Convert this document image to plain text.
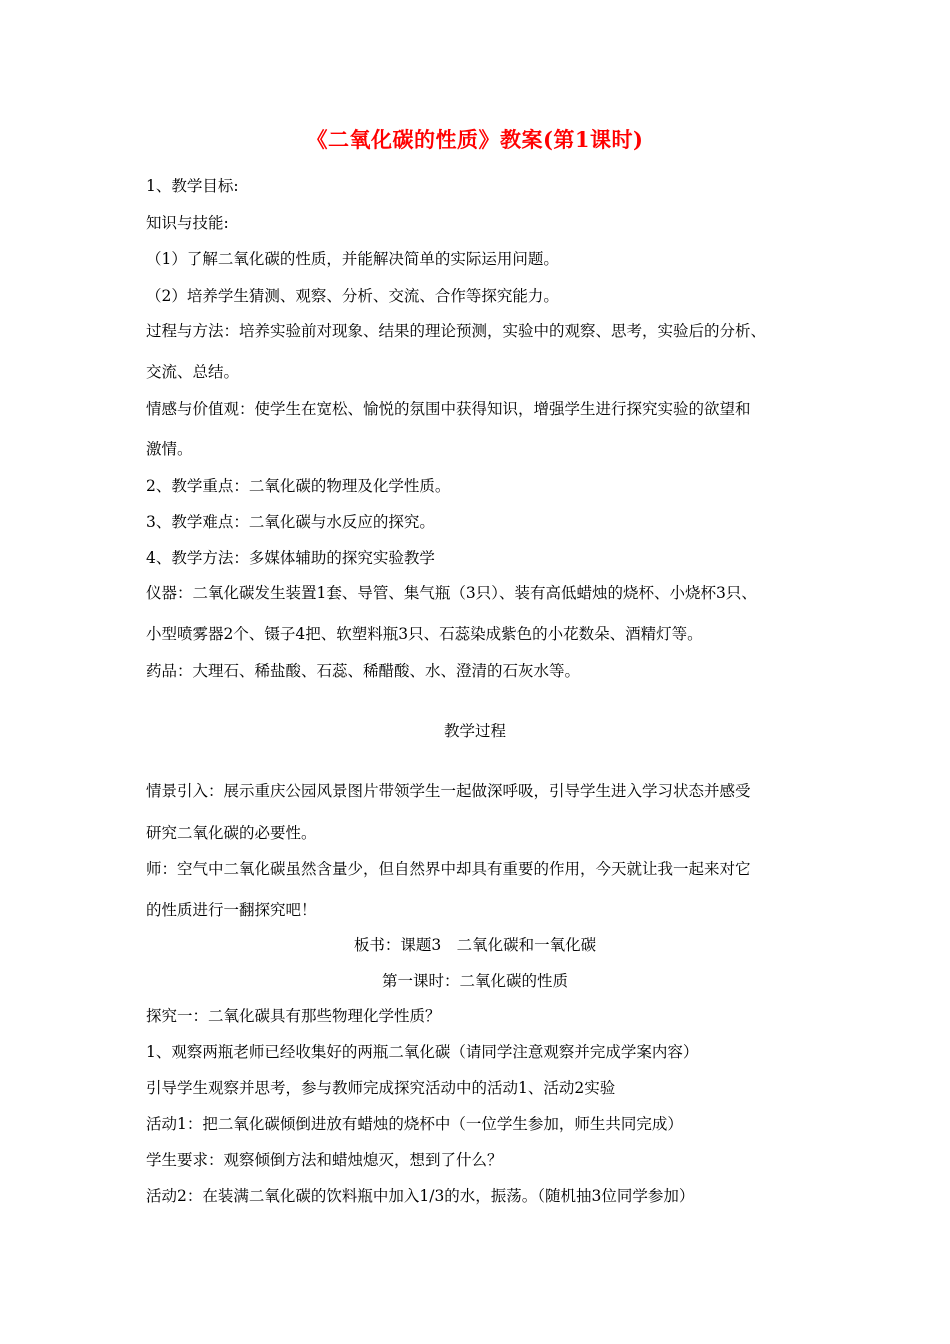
《二氧化碳的性质》教案(第1课时)
1、教学目标:
知识与技能:
（1）了解二氧化碳的性质，并能解决简单的实际运用问题。
（2）培养学生猜测、观察、分析、交流、合作等探究能力。
过程与方法：培养实验前对现象、结果的理论预测，实验中的观察、思考，实验后的分析、
交流、总结。
情感与价值观：使学生在宽松、愉悦的氛围中获得知识，增强学生进行探究实验的欲望和
激情。
2、教学重点：二氧化碳的物理及化学性质。
3、教学难点：二氧化碳与水反应的探究。
4、教学方法：多媒体辅助的探究实验教学
仪器：二氧化碳发生装置1套、导管、集气瓶（3只）、装有高低蜡烛的烧杯、小烧杯3只、
小型喷雾器2个、镊子4把、软塑料瓶3只、石蕊染成紫色的小花数朵、酒精灯等。
药品：大理石、稀盐酸、石蕊、稀醋酸、水、澄清的石灰水等。
教学过程
情景引入：展示重庆公园风景图片带领学生一起做深呼吸，引导学生进入学习状态并感受
研究二氧化碳的必要性。
师：空气中二氧化碳虽然含量少，但自然界中却具有重要的作用，今天就让我一起来对它
的性质进行一翻探究吧！
板书：课题3　二氧化碳和一氧化碳
第一课时：二氧化碳的性质
探究一：二氧化碳具有那些物理化学性质？
1、观察两瓶老师已经收集好的两瓶二氧化碳（请同学注意观察并完成学案内容）
引导学生观察并思考，参与教师完成探究活动中的活动1、活动2实验
活动1：把二氧化碳倾倒进放有蜡烛的烧杯中（一位学生参加，师生共同完成）
学生要求：观察倾倒方法和蜡烛熄灭，想到了什么？
活动2：在装满二氧化碳的饮料瓶中加入1/3的水，振荡。（随机抽3位同学参加）
